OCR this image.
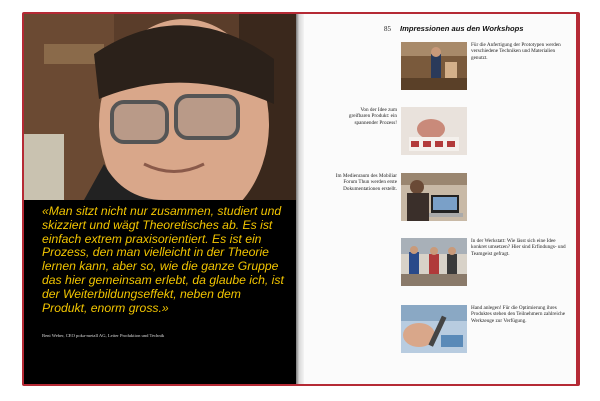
«Man sitzt nicht nur zusammen, studiert und skizziert und wägt Theoretisches ab. Es ist einfach extrem praxisorientiert. Es ist ein Prozess, den man vielleicht in der Theorie lernen kann, aber so, wie die ganze Gruppe das hier gemeinsam erlebt, da glaube ich, ist der Weiterbildungseffekt, neben dem Produkt, enorm gross.»

Beni Weber, CEO poka-metall AG, Leiter Produktion und Technik
85 Impressionen aus den Workshops
Für die Anfertigung der Prototypen werden verschiedene Techniken und Materialien genutzt.
Von der Idee zum greifbaren Produkt: ein spannender Prozess!
Im Medienraum des Mobiliar Forum Thun werden erste Dokumentationen erstellt.
In der Werkstatt: Wie lässt sich eine Idee konkret umsetzen? Hier sind Erfindungs- und Teamgeist gefragt.
Hand anlegen! Für die Optimierung ihres Produktes stehen den Teilnehmern zahlreiche Werkzeuge zur Verfügung.
